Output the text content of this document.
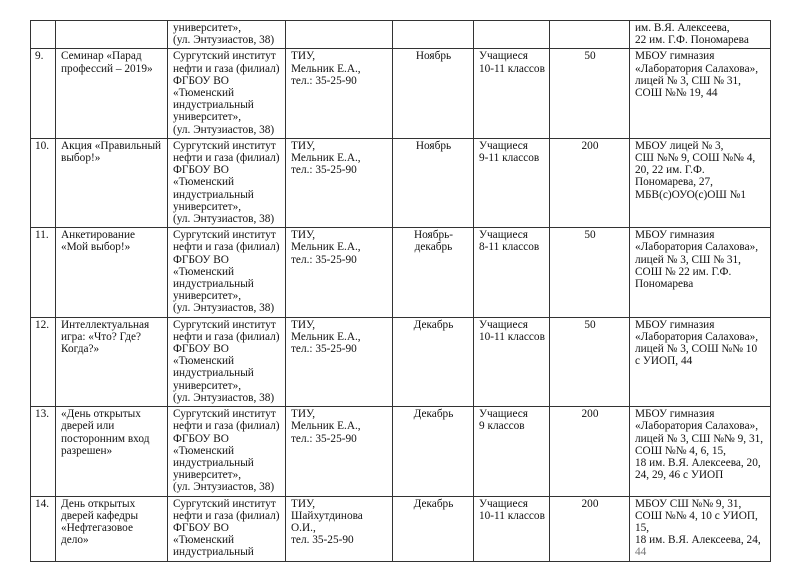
		университет»,
(ул. Энтузиастов, 38)					им. В.Я. Алексеева,
22 им. Г.Ф. Пономарева
9.	Семинар «Парад профессий – 2019»	Сургутский институт нефти и газа (филиал) ФГБОУ ВО «Тюменский индустриальный университет»,
(ул. Энтузиастов, 38)	ТИУ,
Мельник Е.А.,
тел.: 35-25-90	Ноябрь	Учащиеся
10-11 классов	50	МБОУ гимназия «Лаборатория Салахова», лицей № 3, СШ № 31,
СОШ №№ 19, 44
10.	Акция «Правильный выбор!»	Сургутский институт нефти и газа (филиал) ФГБОУ ВО «Тюменский индустриальный университет»,
(ул. Энтузиастов, 38)	ТИУ,
Мельник Е.А.,
тел.: 35-25-90	Ноябрь	Учащиеся
9-11 классов	200	МБОУ лицей № 3,
СШ №№ 9, СОШ №№ 4, 20, 22 им. Г.Ф. Пономарева, 27, МБВ(с)ОУО(с)ОШ №1
11.	Анкетирование
«Мой выбор!»	Сургутский институт нефти и газа (филиал) ФГБОУ ВО «Тюменский индустриальный университет»,
(ул. Энтузиастов, 38)	ТИУ,
Мельник Е.А.,
тел.: 35-25-90	Ноябрь-
декабрь	Учащиеся
8-11 классов	50	МБОУ гимназия «Лаборатория Салахова», лицей № 3, СШ № 31, СОШ № 22 им. Г.Ф. Пономарева
12.	Интеллектуальная игра: «Что? Где? Когда?»	Сургутский институт нефти и газа (филиал) ФГБОУ ВО «Тюменский индустриальный университет»,
(ул. Энтузиастов, 38)	ТИУ,
Мельник Е.А.,
тел.: 35-25-90	Декабрь	Учащиеся
10-11 классов	50	МБОУ гимназия «Лаборатория Салахова», лицей № 3, СОШ №№ 10
с УИОП, 44
13.	«День открытых дверей или посторонним вход разрешен»	Сургутский институт нефти и газа (филиал) ФГБОУ ВО «Тюменский индустриальный университет»,
(ул. Энтузиастов, 38)	ТИУ,
Мельник Е.А.,
тел.: 35-25-90	Декабрь	Учащиеся
9 классов	200	МБОУ гимназия «Лаборатория Салахова», лицей № 3, СШ №№ 9, 31, СОШ №№ 4, 6, 15,
18 им. В.Я. Алексеева, 20, 24, 29, 46 с УИОП
14.	День открытых дверей кафедры «Нефтегазовое дело»	Сургутский институт нефти и газа (филиал) ФГБОУ ВО «Тюменский индустриальный	ТИУ,
Шайхутдинова О.И.,
тел. 35-25-90	Декабрь	Учащиеся
10-11 классов	200	МБОУ СШ №№ 9, 31, СОШ №№ 4, 10 с УИОП, 15,
18 им. В.Я. Алексеева, 24,
44
